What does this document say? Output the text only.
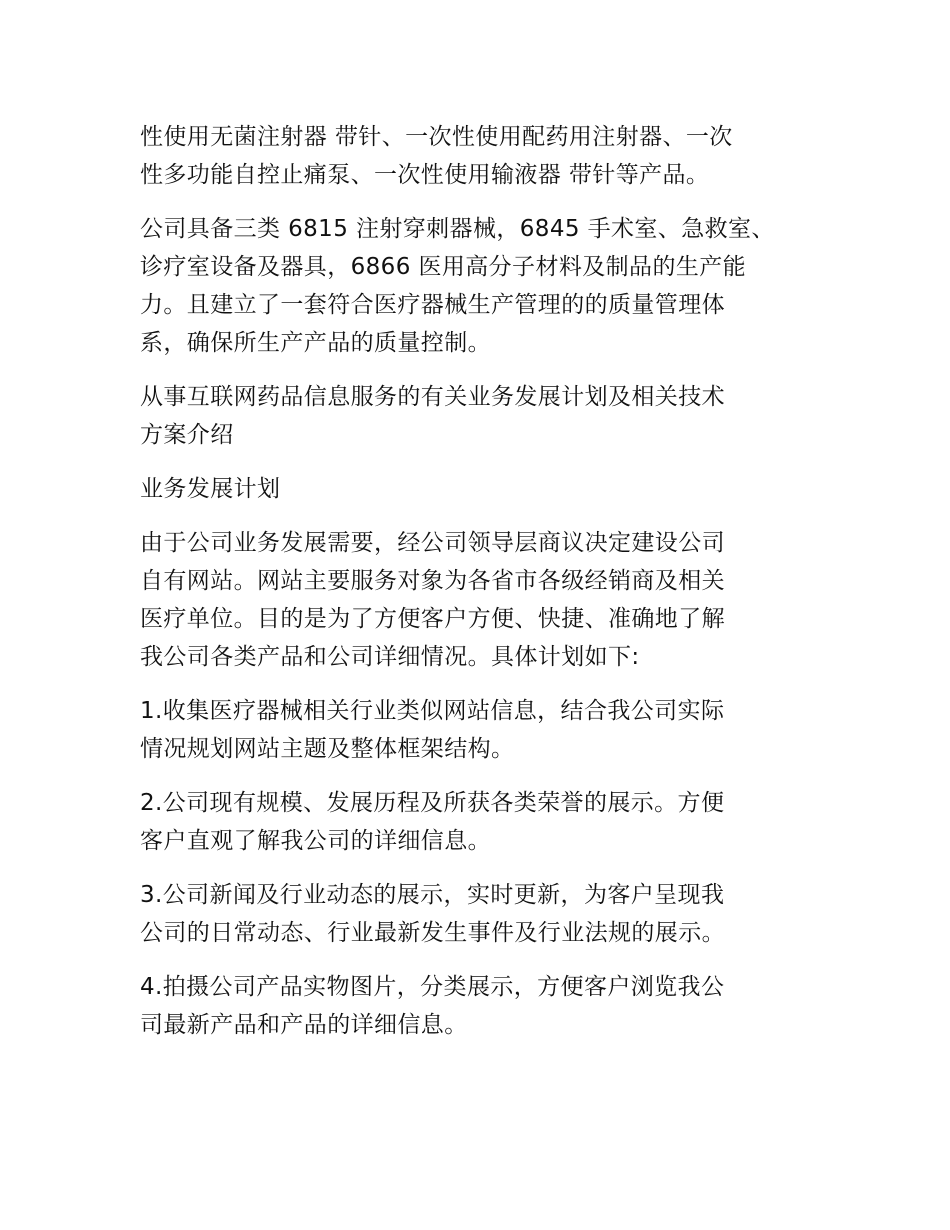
性使用无菌注射器 带针、一次性使用配药用注射器、一次
性多功能自控止痛泵、一次性使用输液器 带针等产品。

公司具备三类 6815 注射穿刺器械，6845 手术室、急救室、
诊疗室设备及器具，6866 医用高分子材料及制品的生产能
力。且建立了一套符合医疗器械生产管理的的质量管理体
系，确保所生产产品的质量控制。

从事互联网药品信息服务的有关业务发展计划及相关技术
方案介绍

业务发展计划

由于公司业务发展需要，经公司领导层商议决定建设公司
自有网站。网站主要服务对象为各省市各级经销商及相关
医疗单位。目的是为了方便客户方便、快捷、准确地了解
我公司各类产品和公司详细情况。具体计划如下:

1.收集医疗器械相关行业类似网站信息，结合我公司实际
情况规划网站主题及整体框架结构。

2.公司现有规模、发展历程及所获各类荣誉的展示。方便
客户直观了解我公司的详细信息。

3.公司新闻及行业动态的展示，实时更新，为客户呈现我
公司的日常动态、行业最新发生事件及行业法规的展示。

4.拍摄公司产品实物图片，分类展示，方便客户浏览我公
司最新产品和产品的详细信息。
